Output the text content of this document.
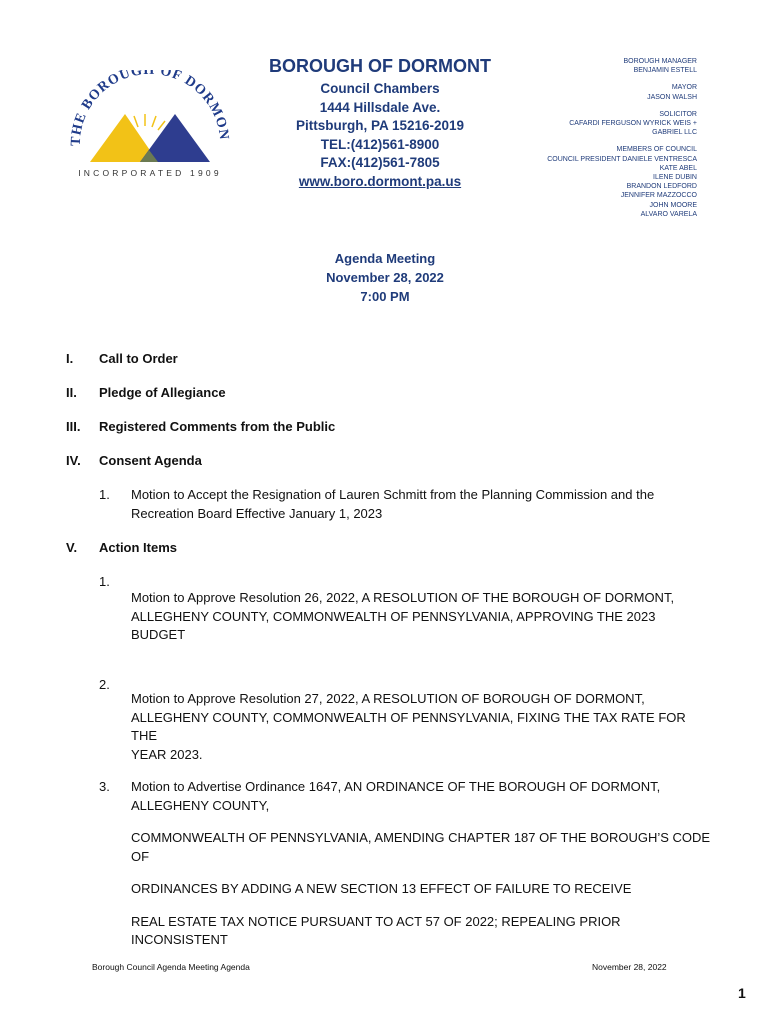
THE BOROUGH OF DORMON
INCORPORATED 1909
BOROUGH OF DORMONT
Council Chambers
1444 Hillsdale Ave.
Pittsburgh, PA 15216-2019
TEL:(412)561-8900
FAX:(412)561-7805
www.boro.dormont.pa.us
BOROUGH MANAGER
BENJAMIN ESTELL
MAYOR
JASON WALSH
SOLICITOR
CAFARDI FERGUSON WYRICK WEIS +
GABRIEL LLC
MEMBERS OF COUNCIL
COUNCIL PRESIDENT DANIELE VENTRESCA
KATE ABEL
ILENE DUBIN
BRANDON LEDFORD
JENNIFER MAZZOCCO
JOHN MOORE
ALVARO VARELA
Agenda Meeting
November 28, 2022
7:00 PM
I. Call to Order
II. Pledge of Allegiance
III. Registered Comments from the Public
IV. Consent Agenda
1. Motion to Accept the Resignation of Lauren Schmitt from the Planning Commission and the
Recreation Board Effective January 1, 2023
V. Action Items
1.
Motion to Approve Resolution 26, 2022, A RESOLUTION OF THE BOROUGH OF DORMONT,
ALLEGHENY COUNTY, COMMONWEALTH OF PENNSYLVANIA, APPROVING THE 2023
BUDGET
2.
Motion to Approve Resolution 27, 2022, A RESOLUTION OF BOROUGH OF DORMONT,
ALLEGHENY COUNTY, COMMONWEALTH OF PENNSYLVANIA, FIXING THE TAX RATE FOR THE
YEAR 2023.
3. Motion to Advertise Ordinance 1647, AN ORDINANCE OF THE BOROUGH OF DORMONT,
ALLEGHENY COUNTY,
COMMONWEALTH OF PENNSYLVANIA, AMENDING CHAPTER 187 OF THE BOROUGH’S CODE
OF
ORDINANCES BY ADDING A NEW SECTION 13 EFFECT OF FAILURE TO RECEIVE
REAL ESTATE TAX NOTICE PURSUANT TO ACT 57 OF 2022; REPEALING PRIOR INCONSISTENT
Borough Council Agenda Meeting Agenda	November 28, 2022
1
